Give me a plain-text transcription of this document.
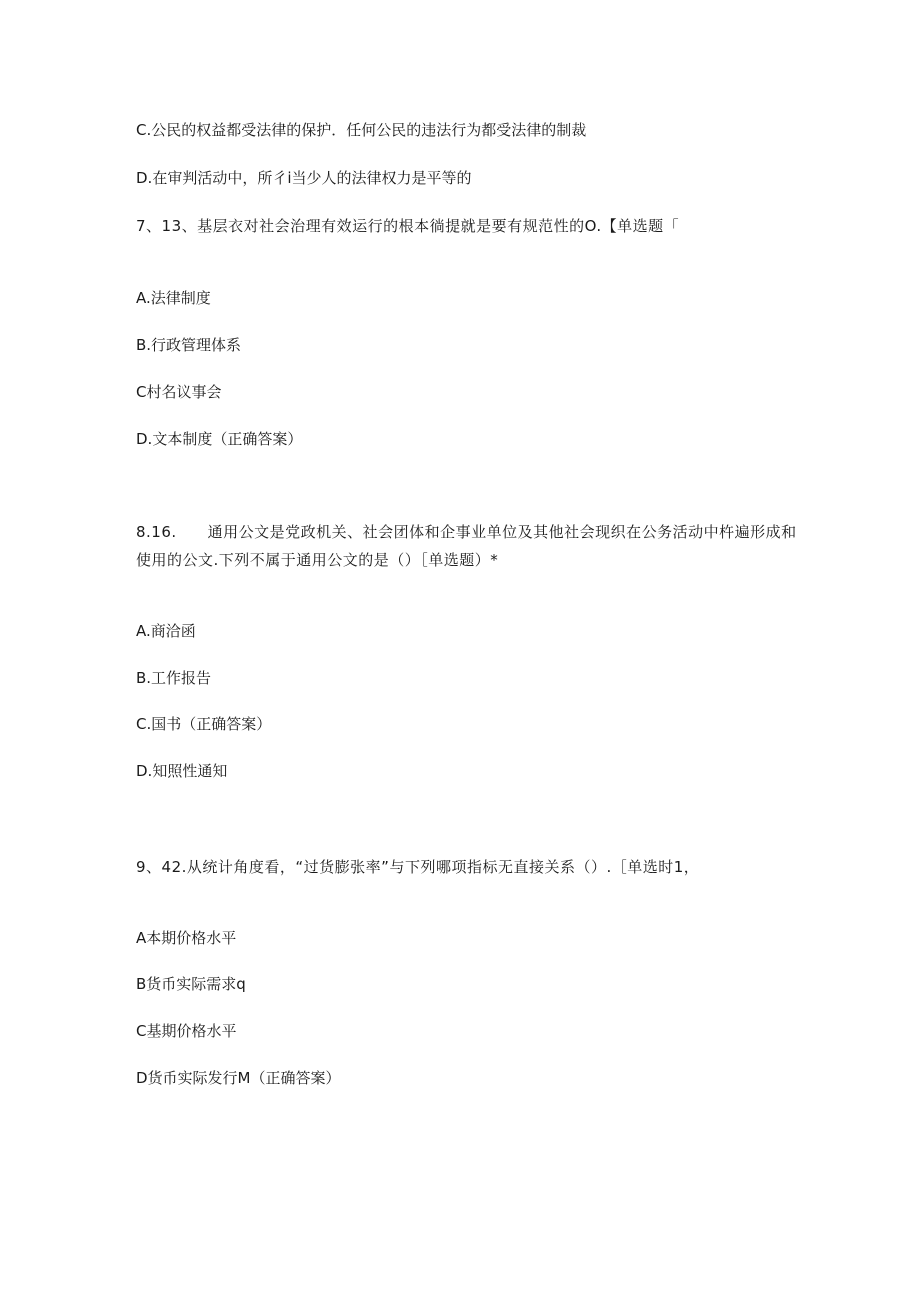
C.公民的权益都受法律的保护．任何公民的违法行为都受法律的制裁
D.在审判活动中，所彳i当少人的法律权力是平等的
7、13、基层衣对社会治理有效运行的根本徜提就是要有规范性的O.【单选题「
A.法律制度
B.行政管理体系
C村名议事会
D.文本制度（正确答案）
8.16.　　通用公文是党政机关、社会团体和企事业单位及其他社会现织在公务活动中杵遍形成和
使用的公文.下列不属于通用公文的是（）［单选题）*
A.商洽函
B.工作报告
C.国书（正确答案）
D.知照性通知
9、42.从统计角度看，“过货膨张率”与下列哪项指标无直接关系（）.［单选时1，
A本期价格水平
B货币实际需求q
C基期价格水平
D货币实际发行M（正确答案）
